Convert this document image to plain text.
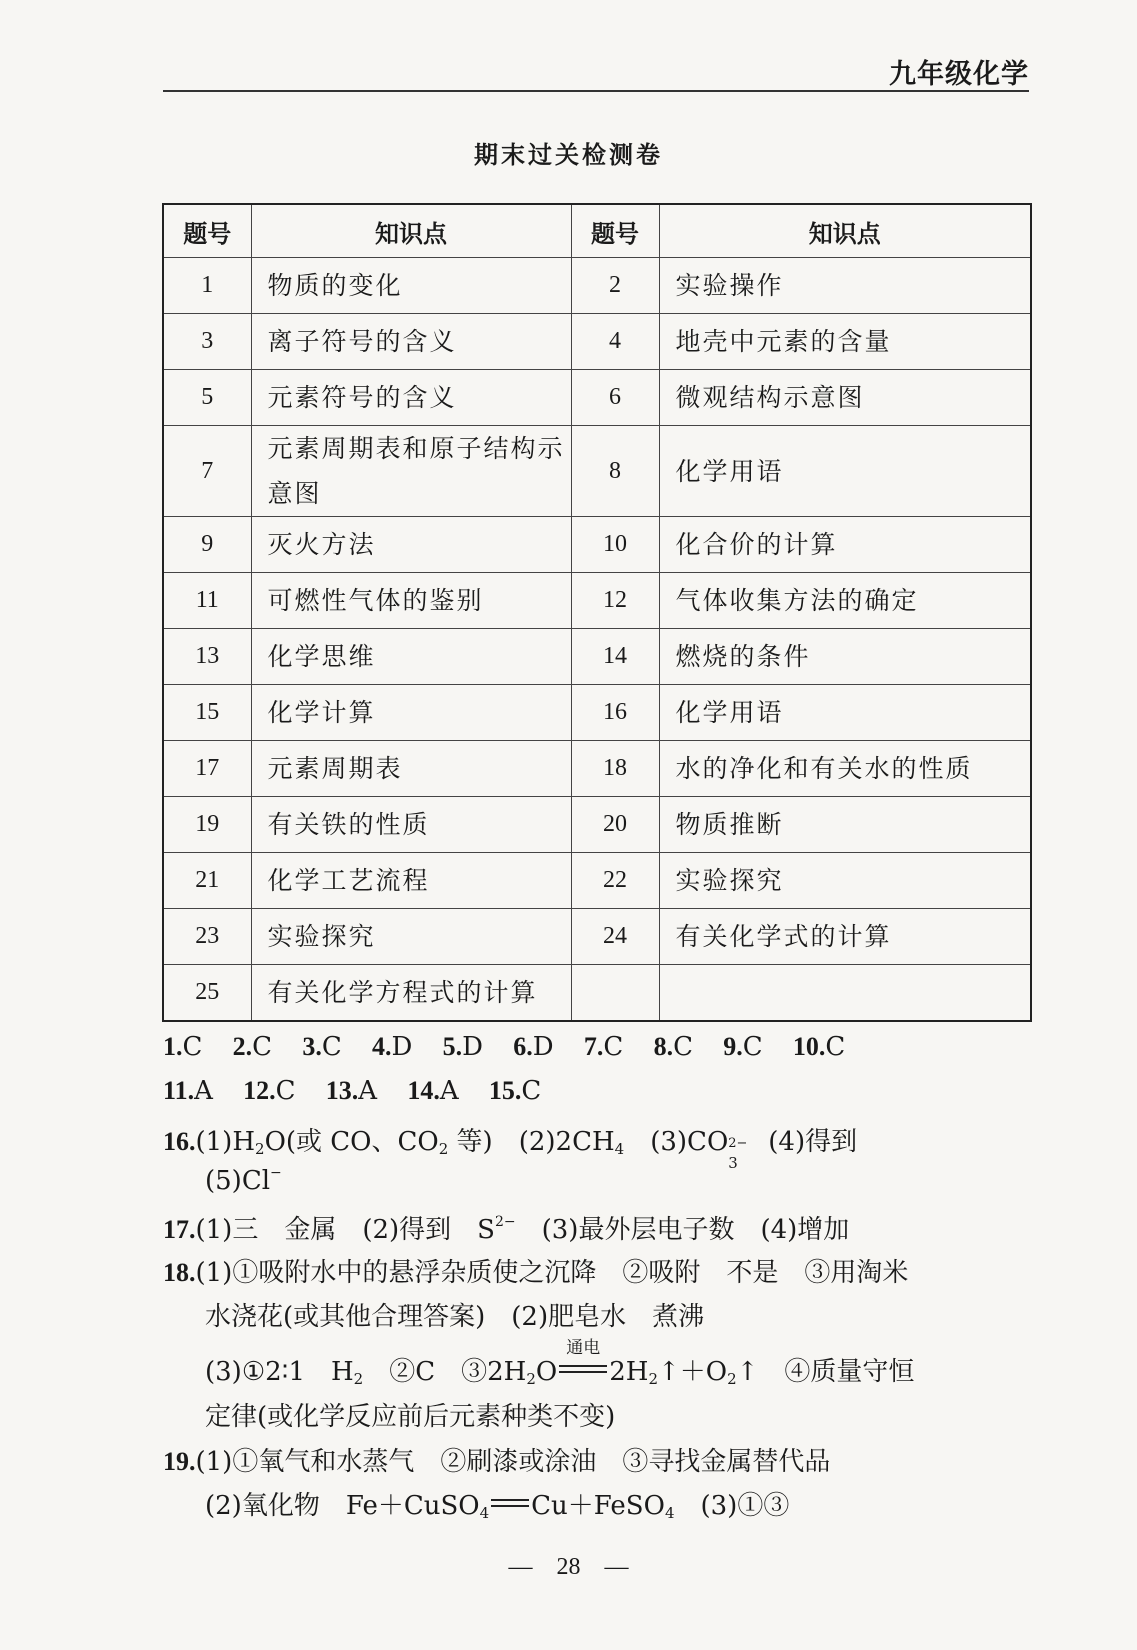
九年级化学
期末过关检测卷
题号	知识点	题号	知识点
1	物质的变化	2	实验操作
3	离子符号的含义	4	地壳中元素的含量
5	元素符号的含义	6	微观结构示意图
7	元素周期表和原子结构示意图	8	化学用语
9	灭火方法	10	化合价的计算
11	可燃性气体的鉴别	12	气体收集方法的确定
13	化学思维	14	燃烧的条件
15	化学计算	16	化学用语
17	元素周期表	18	水的净化和有关水的性质
19	有关铁的性质	20	物质推断
21	化学工艺流程	22	实验探究
23	实验探究	24	有关化学式的计算
25	有关化学方程式的计算		
1.C 2.C 3.C 4.D 5.D 6.D 7.C 8.C 9.C 10.C
11.A 12.C 13.A 14.A 15.C
$16.(1)H_2O$(或 CO、$CO_2$ 等)　 $(2)2CH_4$　 (3)CO 2−
3
　(4)得到
(5)Cl−
17.(1)三　金属　(2)得到　$S^{2-}$　(3)最外层电子数　(4)增加
18.(1)①吸附水中的悬浮杂质使之沉降　②吸附　不是　③用淘米
水浇花(或其他合理答案)　(2)肥皂水　煮沸
(3)①2∶1　$H_2$　②C　$③2H_2O$
通电
$2H_2↑+O_2↑$　④质量守恒
定律(或化学反应前后元素种类不变)
19.(1)①氧气和水蒸气　②刷漆或涂油　③寻找金属替代品
(2)氧化物　Fe＋CuSO$_4$ Cu＋FeSO$_4$　(3)①③
—　28　—
